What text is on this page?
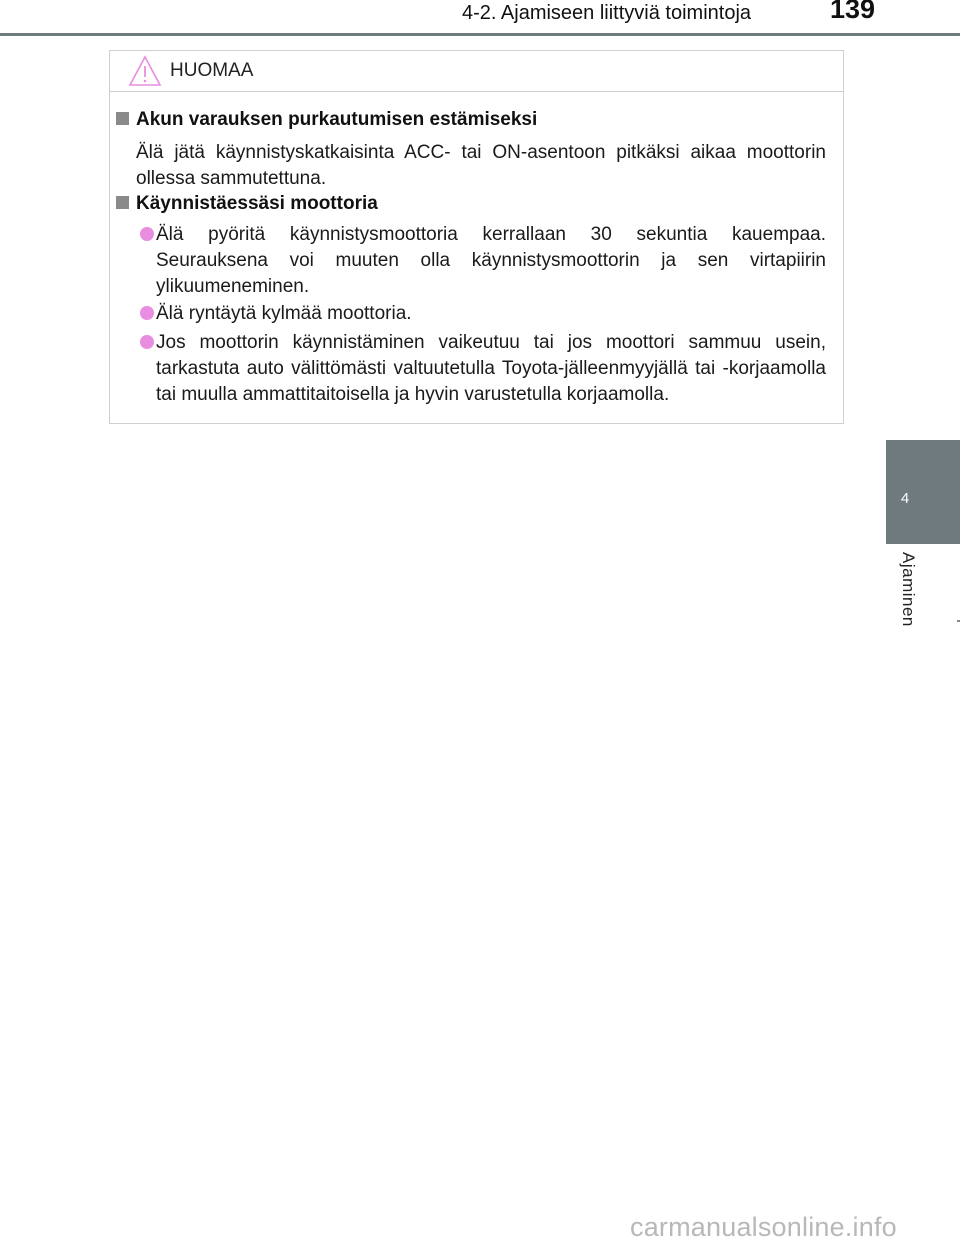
4-2. Ajamiseen liittyviä toimintoja	139
4
Ajaminen
HUOMAA
Akun varauksen purkautumisen estämiseksi

Älä jätä käynnistyskatkaisinta ACC- tai ON-asentoon pitkäksi aikaa moottorin ollessa sammutettuna.

Käynnistäessäsi moottoria

Älä pyöritä käynnistysmoottoria kerrallaan 30 sekuntia kauempaa. Seurauksena voi muuten olla käynnistysmoottorin ja sen virtapiirin ylikuumeneminen.

Älä ryntäytä kylmää moottoria.

Jos moottorin käynnistäminen vaikeutuu tai jos moottori sammuu usein, tarkastuta auto välittömästi valtuutetulla Toyota-jälleenmyyjällä tai -korjaamolla tai muulla ammattitaitoisella ja hyvin varustetulla korjaamolla.

carmanualsonline.info
